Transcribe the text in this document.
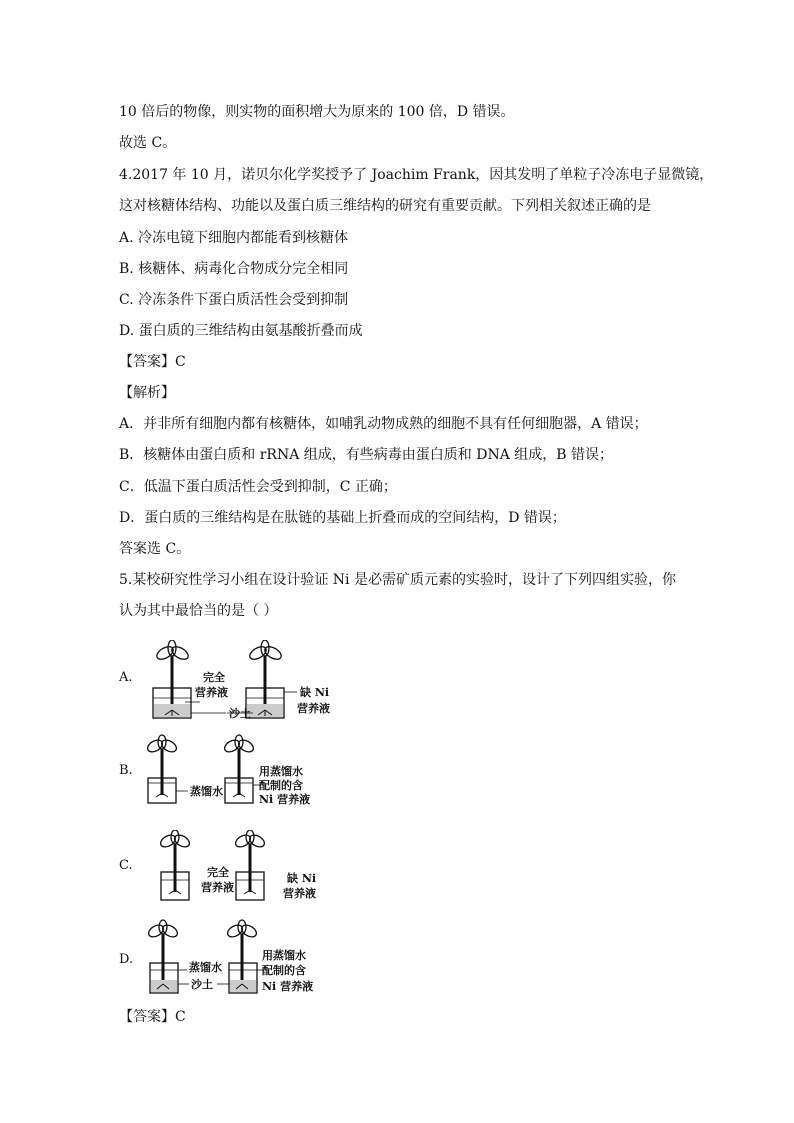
10 倍后的物像，则实物的面积增大为原来的 100 倍，D 错误。
故选 C。
4.2017 年 10 月，诺贝尔化学奖授予了 Joachim Frank，因其发明了单粒子冷冻电子显微镜，
这对核糖体结构、功能以及蛋白质三维结构的研究有重要贡献。下列相关叙述正确的是
A. 冷冻电镜下细胞内都能看到核糖体
B. 核糖体、病毒化合物成分完全相同
C. 冷冻条件下蛋白质活性会受到抑制
D. 蛋白质的三维结构由氨基酸折叠而成
【答案】C
【解析】
A．并非所有细胞内都有核糖体，如哺乳动物成熟的细胞不具有任何细胞器，A 错误；
B．核糖体由蛋白质和 rRNA 组成，有些病毒由蛋白质和 DNA 组成，B 错误；
C．低温下蛋白质活性会受到抑制，C 正确；
D．蛋白质的三维结构是在肽链的基础上折叠而成的空间结构，D 错误；
答案选 C。
5.某校研究性学习小组在设计验证 Ni 是必需矿质元素的实验时，设计了下列四组实验，你
认为其中最恰当的是（ ）
A.	完全
营养液
沙土
缺 Ni
营养液
B.
蒸馏水
用蒸馏水
配制的含
Ni 营养液
C.	完全
营养液
缺 Ni
营养液
D.
蒸馏水
沙土
用蒸馏水
配制的含
Ni 营养液
【答案】C
